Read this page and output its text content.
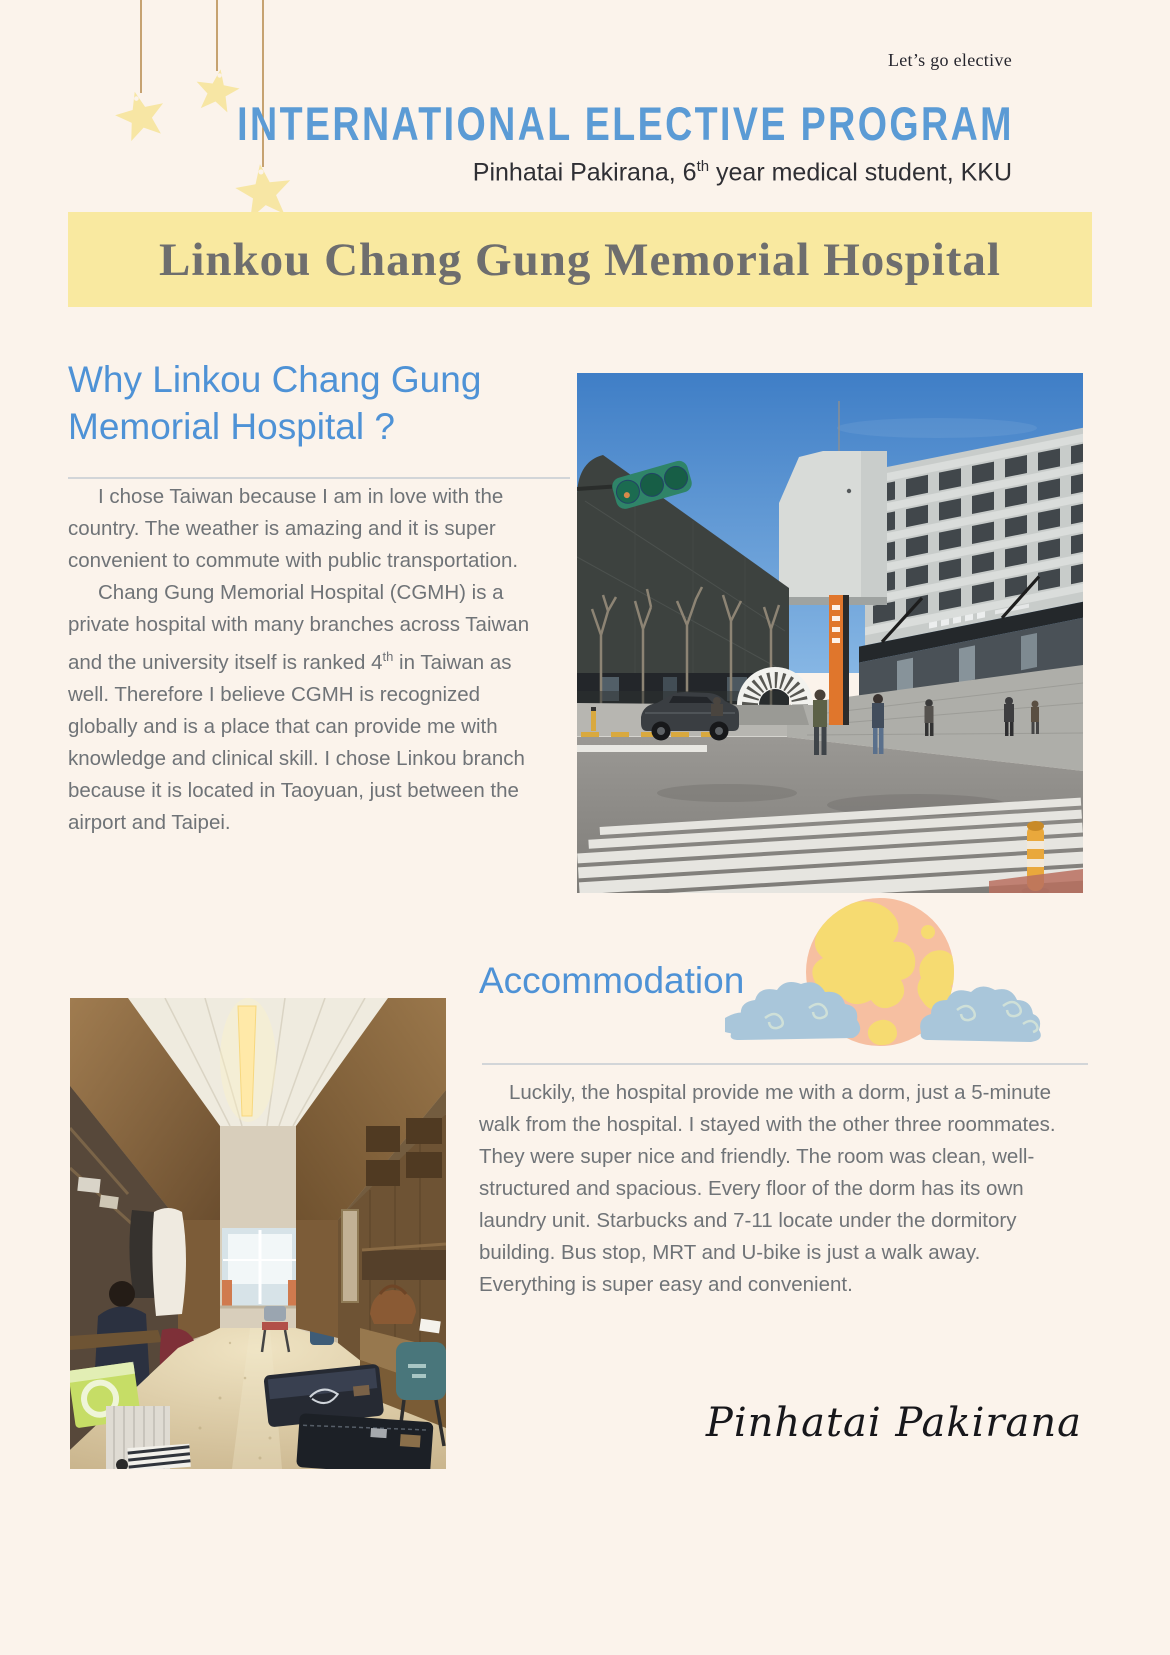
Let’s go elective
INTERNATIONAL ELECTIVE PROGRAM
Pinhatai Pakirana, 6th year medical student, KKU
Linkou Chang Gung Memorial Hospital
Why Linkou Chang Gung Memorial Hospital ?

I chose Taiwan because I am in love with the country. The weather is amazing and it is super convenient to commute with public transportation.

Chang Gung Memorial Hospital (CGMH) is a private hospital with many branches across Taiwan and the university itself is ranked 4th in Taiwan as well. Therefore I believe CGMH is recognized globally and is a place that can provide me with knowledge and clinical skill. I chose Linkou branch because it is located in Taoyuan, just between the airport and Taipei.

Accommodation

Luckily, the hospital provide me with a dorm, just a 5-minute walk from the hospital. I stayed with the other three roommates. They were super nice and friendly. The room was clean, well-structured and spacious. Every floor of the dorm has its own laundry unit. Starbucks and 7-11 locate under the dormitory building. Bus stop, MRT and U-bike is just a walk away. Everything is super easy and convenient.

Pinhatai Pakirana
